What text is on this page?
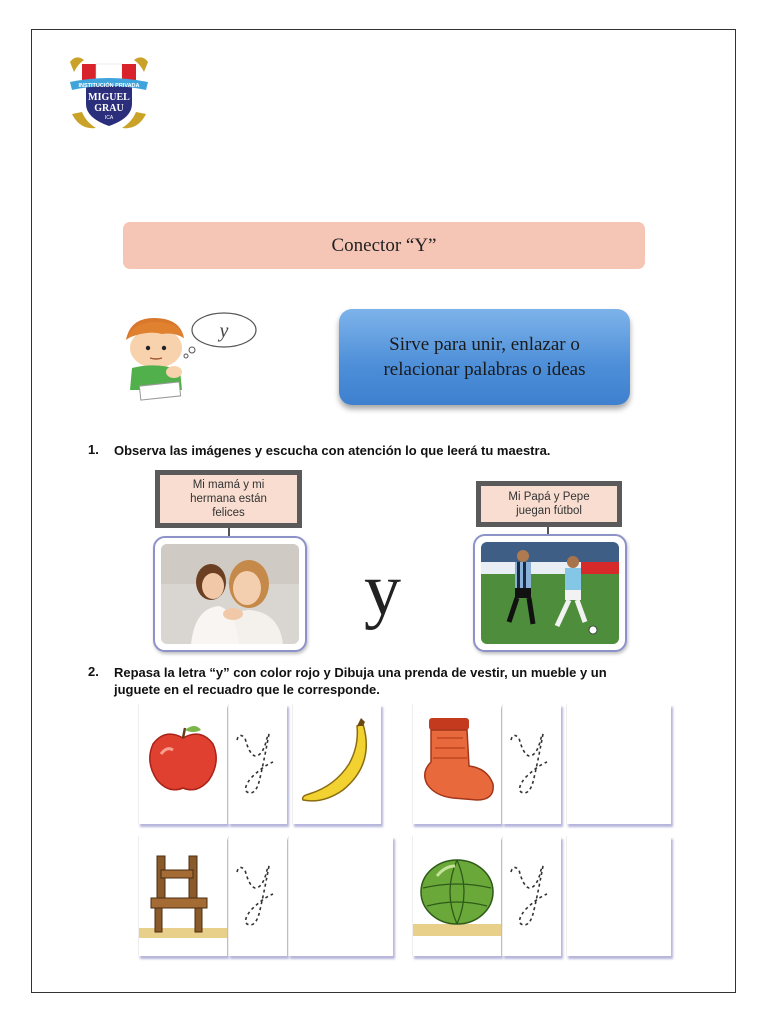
INSTITUCIÓN PRIVADA
MIGUEL
GRAU
ICA
Conector “Y”
y
Sirve para unir, enlazar o
relacionar palabras o ideas
1. Observa las imágenes y escucha con atención lo que leerá tu maestra.
Mi mamá y mi
hermana están
felices
y
Mi Papá y Pepe
juegan fútbol
2. Repasa la letra “y” con color rojo y Dibuja una prenda de vestir, un mueble y un
juguete en el recuadro que le corresponde.
